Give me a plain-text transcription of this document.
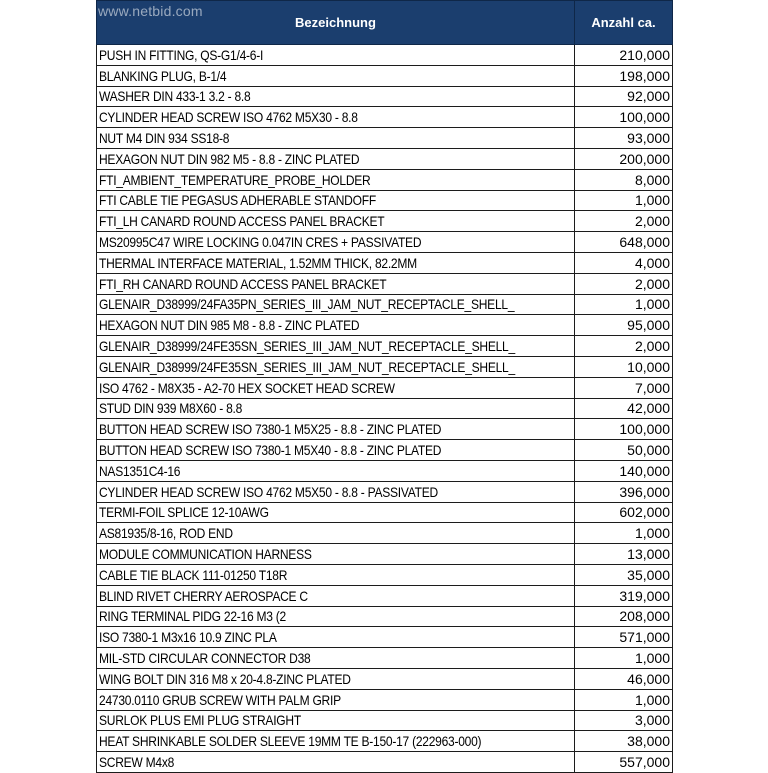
Bezeichnung	Anzahl ca.
PUSH IN FITTING, QS-G1/4-6-I	210,000
BLANKING PLUG, B-1/4	198,000
WASHER DIN 433-1 3.2 - 8.8	92,000
CYLINDER HEAD SCREW ISO 4762 M5X30 - 8.8	100,000
NUT M4 DIN 934 SS18-8	93,000
HEXAGON NUT DIN 982 M5 - 8.8 - ZINC PLATED	200,000
FTI_AMBIENT_TEMPERATURE_PROBE_HOLDER	8,000
FTI CABLE TIE PEGASUS ADHERABLE STANDOFF	1,000
FTI_LH CANARD ROUND ACCESS PANEL BRACKET	2,000
MS20995C47 WIRE LOCKING 0.047IN CRES + PASSIVATED	648,000
THERMAL INTERFACE MATERIAL, 1.52MM THICK, 82.2MM	4,000
FTI_RH CANARD ROUND ACCESS PANEL BRACKET	2,000
GLENAIR_D38999/24FA35PN_SERIES_III_JAM_NUT_RECEPTACLE_SHELL_	1,000
HEXAGON NUT DIN 985 M8 - 8.8 - ZINC PLATED	95,000
GLENAIR_D38999/24FE35SN_SERIES_III_JAM_NUT_RECEPTACLE_SHELL_	2,000
GLENAIR_D38999/24FE35SN_SERIES_III_JAM_NUT_RECEPTACLE_SHELL_	10,000
ISO 4762 - M8X35 - A2-70 HEX SOCKET HEAD SCREW	7,000
STUD DIN 939 M8X60 - 8.8	42,000
BUTTON HEAD SCREW ISO 7380-1 M5X25 - 8.8 - ZINC PLATED	100,000
BUTTON HEAD SCREW ISO 7380-1 M5X40 - 8.8 - ZINC PLATED	50,000
NAS1351C4-16	140,000
CYLINDER HEAD SCREW ISO 4762 M5X50 - 8.8 - PASSIVATED	396,000
TERMI-FOIL SPLICE 12-10AWG	602,000
AS81935/8-16, ROD END	1,000
MODULE COMMUNICATION HARNESS	13,000
CABLE TIE BLACK 111-01250 T18R	35,000
BLIND RIVET CHERRY AEROSPACE C	319,000
RING TERMINAL PIDG 22-16 M3 (2	208,000
ISO 7380-1 M3x16 10.9 ZINC PLA	571,000
MIL-STD CIRCULAR CONNECTOR D38	1,000
WING BOLT DIN 316 M8 x 20-4.8-ZINC PLATED	46,000
24730.0110 GRUB SCREW WITH PALM GRIP	1,000
SURLOK PLUS EMI PLUG STRAIGHT	3,000
HEAT SHRINKABLE SOLDER SLEEVE 19MM TE B-150-17 (222963-000)	38,000
SCREW M4x8	557,000
www.netbid.com
